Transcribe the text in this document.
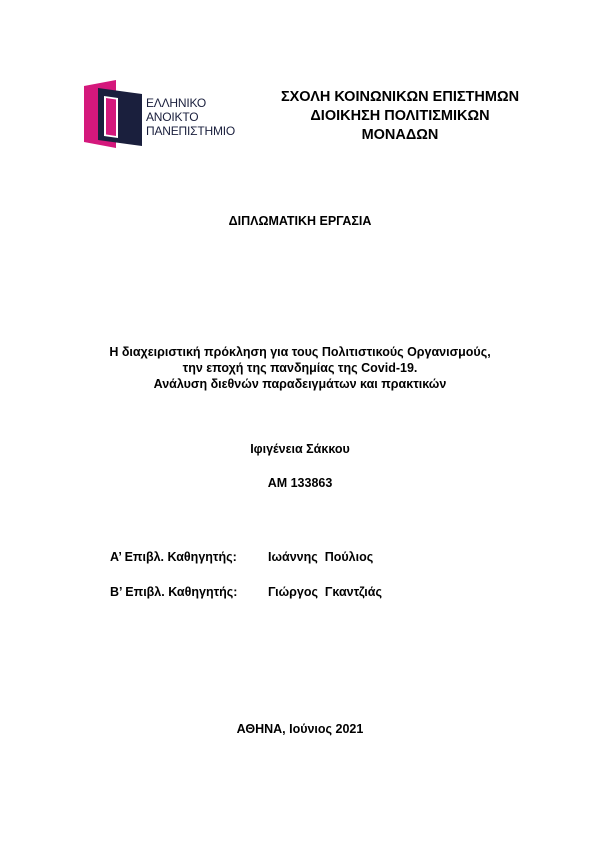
ΕΛΛΗΝΙΚΟ
ΑΝΟΙΚΤΟ
ΠΑΝΕΠΙΣΤΗΜΙΟ
ΣΧΟΛΗ ΚΟΙΝΩΝΙΚΩΝ ΕΠΙΣΤΗΜΩΝ
ΔΙΟΙΚΗΣΗ ΠΟΛΙΤΙΣΜΙΚΩΝ
ΜΟΝΑΔΩΝ
ΔΙΠΛΩΜΑΤΙΚΗ ΕΡΓΑΣΙΑ
Η διαχειριστική πρόκληση για τους Πολιτιστικούς Οργανισμούς,
την εποχή της πανδημίας της Covid-19.
Ανάλυση διεθνών παραδειγμάτων και πρακτικών
Ιφιγένεια Σάκκου
ΑΜ 133863
Α’ Επιβλ. Καθηγητής: Ιωάννης  Πούλιος
Β’ Επιβλ. Καθηγητής: Γιώργος  Γκαντζιάς
ΑΘΗΝΑ, Ιούνιος 2021
